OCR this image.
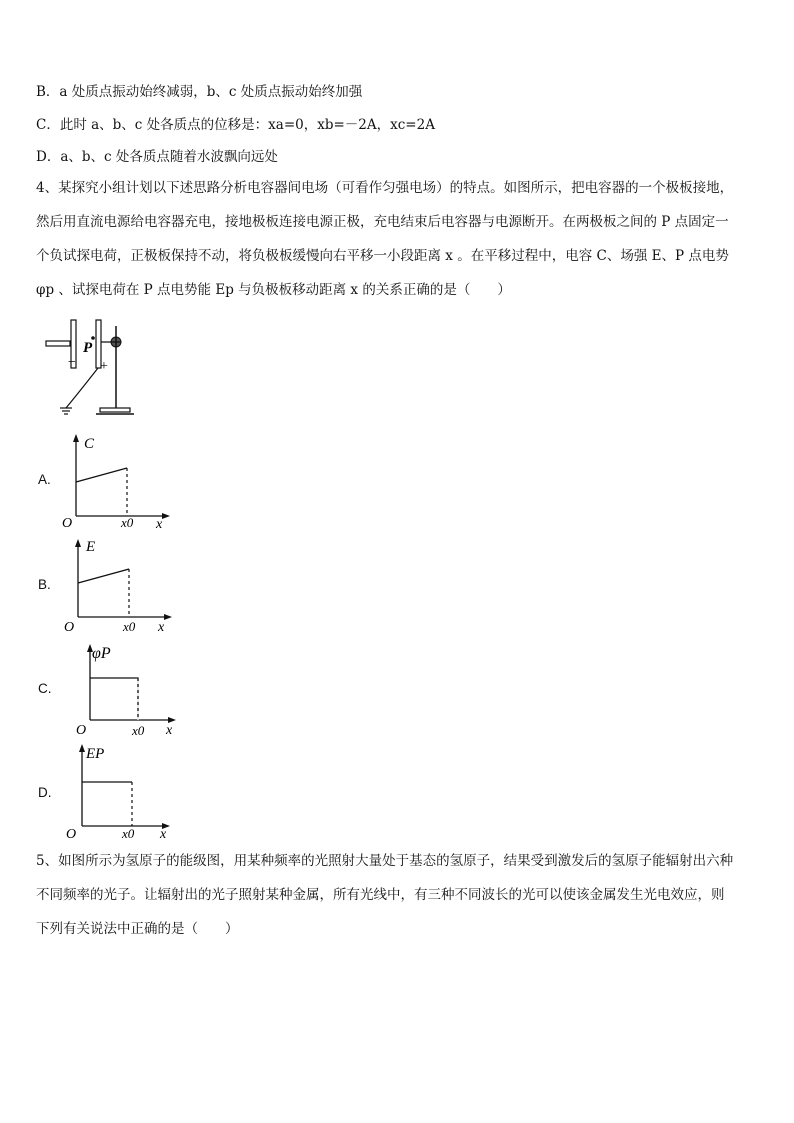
B．a 处质点振动始终减弱，b、c 处质点振动始终加强
C．此时 a、b、c 处各质点的位移是：xa=0，xb=－2A，xc=2A
D．a、b、c 处各质点随着水波飘向远处

4、某探究小组计划以下述思路分析电容器间电场（可看作匀强电场）的特点。如图所示，把电容器的一个极板接地，

然后用直流电源给电容器充电，接地极板连接电源正极，充电结束后电容器与电源断开。在两极板之间的 P 点固定一

个负试探电荷，正极板保持不动，将负极板缓慢向右平移一小段距离 x 。在平移过程中，电容 C、场强 E、P 点电势

φp 、试探电荷在 P 点电势能 Ep 与负极板移动距离 x 的关系正确的是（　　）

P
− +
A.
C
O	x0 x
B.
E
O	x0 x
C.
φP
O	x0 x
D.
EP
O	x0 x

5、如图所示为氢原子的能级图，用某种频率的光照射大量处于基态的氢原子，结果受到激发后的氢原子能辐射出六种

不同频率的光子。让辐射出的光子照射某种金属，所有光线中，有三种不同波长的光可以使该金属发生光电效应，则

下列有关说法中正确的是（　　）
